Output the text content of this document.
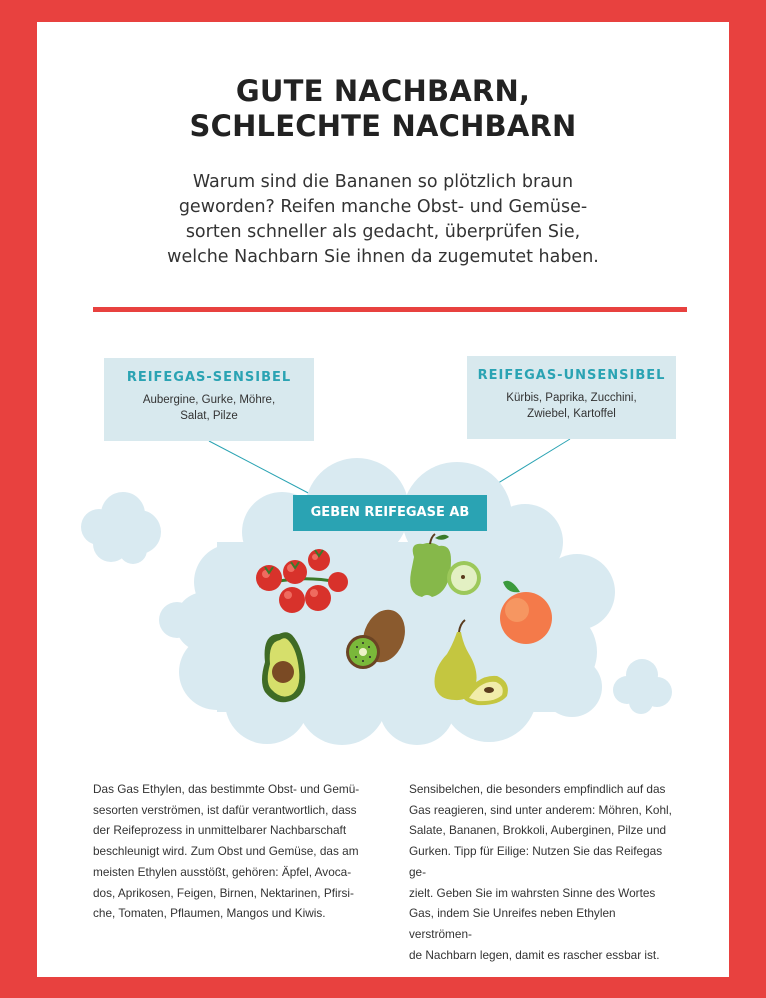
GUTE NACHBARN,
SCHLECHTE NACHBARN
Warum sind die Bananen so plötzlich braun
geworden? Reifen manche Obst- und Gemüse-
sorten schneller als gedacht, überprüfen Sie,
welche Nachbarn Sie ihnen da zugemutet haben.
REIFEGAS-SENSIBEL
Aubergine, Gurke, Möhre,
Salat, Pilze
REIFEGAS-UNSENSIBEL
Kürbis, Paprika, Zucchini,
Zwiebel, Kartoffel
GEBEN REIFEGASE AB
Das Gas Ethylen, das bestimmte Obst- und Gemü-
sesorten verströmen, ist dafür verantwortlich, dass
der Reifeprozess in unmittelbarer Nachbarschaft
beschleunigt wird. Zum Obst und Gemüse, das am
meisten Ethylen ausstößt, gehören: Äpfel, Avoca-
dos, Aprikosen, Feigen, Birnen, Nektarinen, Pfirsi-
che, Tomaten, Pflaumen, Mangos und Kiwis.
Sensibelchen, die besonders empfindlich auf das
Gas reagieren, sind unter anderem: Möhren, Kohl,
Salate, Bananen, Brokkoli, Auberginen, Pilze und
Gurken. Tipp für Eilige: Nutzen Sie das Reifegas ge-
zielt. Geben Sie im wahrsten Sinne des Wortes
Gas, indem Sie Unreifes neben Ethylen verströmen-
de Nachbarn legen, damit es rascher essbar ist.
